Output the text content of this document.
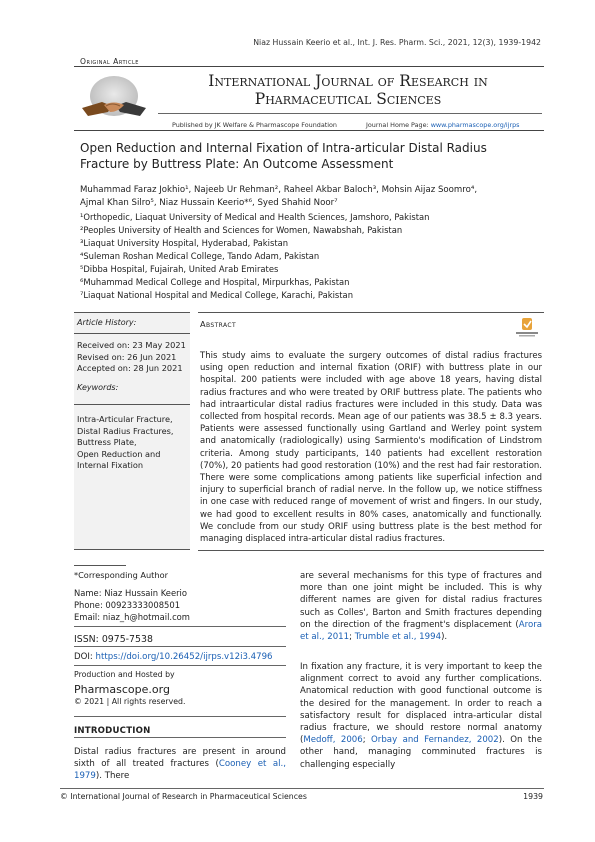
Niaz Hussain Keerio et al., Int. J. Res. Pharm. Sci., 2021, 12(3), 1939-1942
Original Article
International Journal of Research in
Pharmaceutical Sciences
Published by JK Welfare & Pharmascope Foundation	Journal Home Page: www.pharmascope.org/ijrps
Open Reduction and Internal Fixation of Intra-articular Distal Radius
Fracture by Buttress Plate: An Outcome Assessment
Muhammad Faraz Jokhio¹, Najeeb Ur Rehman², Raheel Akbar Baloch³, Mohsin Aijaz Soomro⁴,
Ajmal Khan Silro⁵, Niaz Hussain Keerio*⁶, Syed Shahid Noor⁷
¹Orthopedic, Liaquat University of Medical and Health Sciences, Jamshoro, Pakistan
²Peoples University of Health and Sciences for Women, Nawabshah, Pakistan
³Liaquat University Hospital, Hyderabad, Pakistan
⁴Suleman Roshan Medical College, Tando Adam, Pakistan
⁵Dibba Hospital, Fujairah, United Arab Emirates
⁶Muhammad Medical College and Hospital, Mirpurkhas, Pakistan
⁷Liaquat National Hospital and Medical College, Karachi, Pakistan
Article History:
Received on: 23 May 2021
Revised on: 26 Jun 2021
Accepted on: 28 Jun 2021
Keywords:
Intra-Articular Fracture,
Distal Radius Fractures,
Buttress Plate,
Open Reduction and
Internal Fixation
Abstract
This study aims to evaluate the surgery outcomes of distal radius fractures using open reduction and internal fixation (ORIF) with buttress plate in our hospital. 200 patients were included with age above 18 years, having distal radius fractures and who were treated by ORIF buttress plate. The patients who had intraarticular distal radius fractures were included in this study. Data was collected from hospital records. Mean age of our patients was 38.5 ± 8.3 years. Patients were assessed functionally using Gartland and Werley point system and anatomically (radiologically) using Sarmiento's modification of Lindstrom criteria. Among study participants, 140 patients had excellent restoration (70%), 20 patients had good restoration (10%) and the rest had fair restoration. There were some complications among patients like superficial infection and injury to superficial branch of radial nerve. In the follow up, we notice stiffness in one case with reduced range of movement of wrist and fingers. In our study, we had good to excellent results in 80% cases, anatomically and functionally. We conclude from our study ORIF using buttress plate is the best method for managing displaced intra-articular distal radius fractures.
*Corresponding Author
Name: Niaz Hussain Keerio
Phone: 00923333008501
Email: niaz_h@hotmail.com
ISSN: 0975-7538
DOI: https://doi.org/10.26452/ijrps.v12i3.4796
Production and Hosted by
Pharmascope.org
© 2021 | All rights reserved.
INTRODUCTION
Distal radius fractures are present in around sixth of all treated fractures (Cooney et al., 1979). There
are several mechanisms for this type of fractures and more than one joint might be included. This is why different names are given for distal radius fractures such as Colles', Barton and Smith fractures depending on the direction of the fragment's displacement (Arora et al., 2011; Trumble et al., 1994).
In fixation any fracture, it is very important to keep the alignment correct to avoid any further complications. Anatomical reduction with good functional outcome is the desired for the management. In order to reach a satisfactory result for displaced intra-articular distal radius fracture, we should restore normal anatomy (Medoff, 2006; Orbay and Fernandez, 2002). On the other hand, managing comminuted fractures is challenging especially
© International Journal of Research in Pharmaceutical Sciences	1939
